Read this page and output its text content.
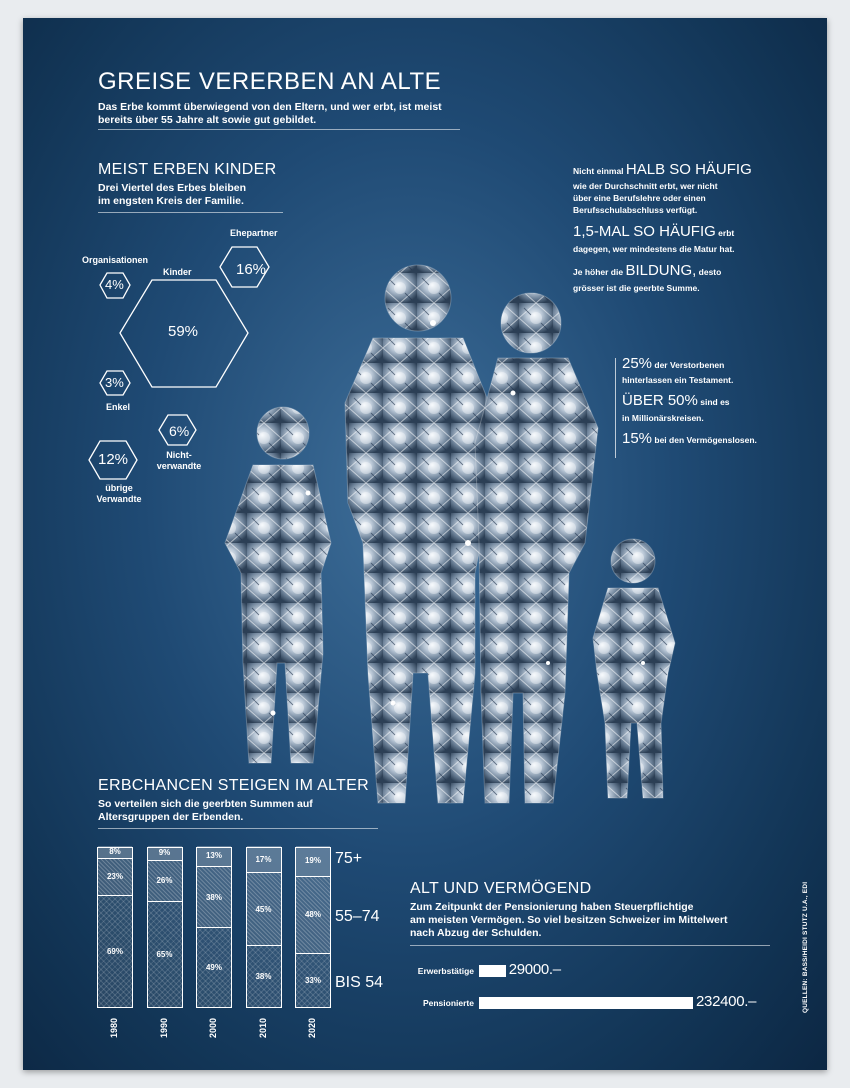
GREISE VERERBEN AN ALTE
Das Erbe kommt überwiegend von den Eltern, und wer erbt, ist meist
bereits über 55 Jahre alt sowie gut gebildet.
MEIST ERBEN KINDER
Drei Viertel des Erbes bleiben
im engsten Kreis der Familie.
59%
Kinder	16%
Ehepartner
4%
Organisationen
3%
Enkel
6%
Nicht-
verwandte
12%
übrige
Verwandte
Nicht einmal HALB SO HÄUFIG
wie der Durchschnitt erbt, wer nicht
über eine Berufslehre oder einen
Berufsschulabschluss verfügt.
1,5-MAL SO HÄUFIG erbt
dagegen, wer mindestens die Matur hat.
Je höher die BILDUNG, desto
grösser ist die geerbte Summe.
25% der Verstorbenen
hinterlassen ein Testament.
ÜBER 50% sind es
in Millionärskreisen.
15% bei den Vermögenslosen.
ERBCHANCEN STEIGEN IM ALTER
So verteilen sich die geerbten Summen auf
Altersgruppen der Erbenden.
69%
23%
8%
1980
65%
26%
9%
1990
49%
38%
13%
2000
38%
45%
17%
2010
33%
48%
19%
2020
75+
55–74
BIS 54
ALT UND VERMÖGEND
Zum Zeitpunkt der Pensionierung haben Steuerpflichtige
am meisten Vermögen. So viel besitzen Schweizer im Mittelwert
nach Abzug der Schulden.
Erwerbstätige 29000.–
Pensionierte	232400.–	QUELLEN: BASS/HEIDI STUTZ U.A., EDI
